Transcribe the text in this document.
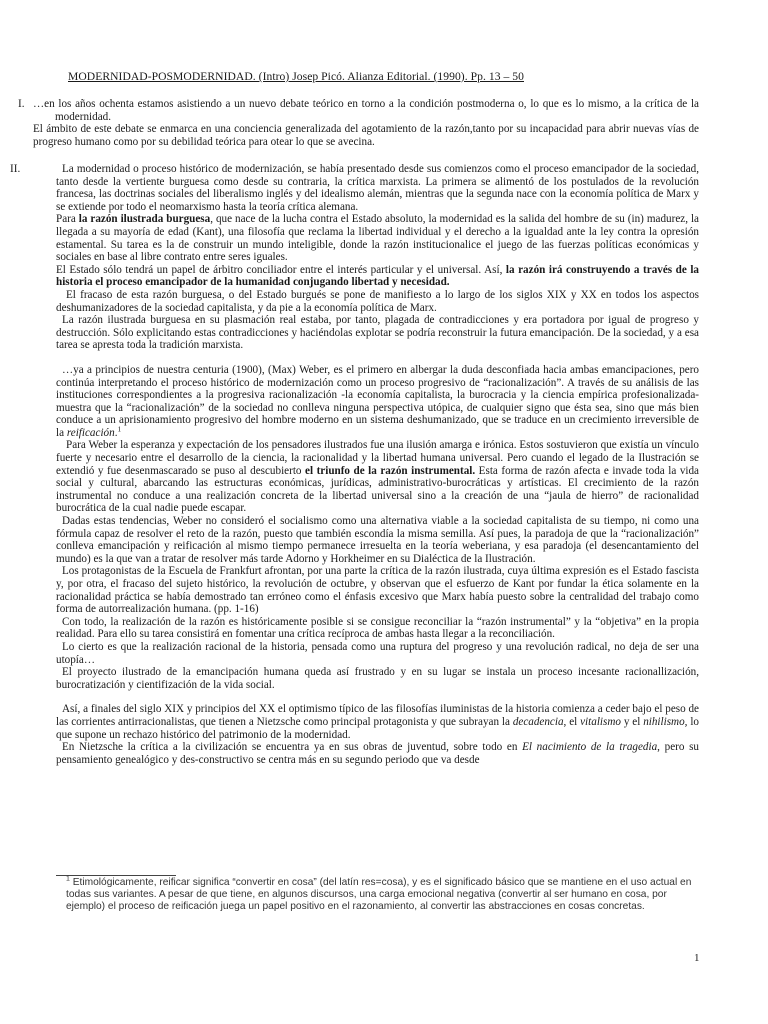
MODERNIDAD-POSMODERNIDAD. (Intro) Josep Picó. Alianza Editorial. (1990). Pp. 13 – 50
I. …en los años ochenta estamos asistiendo a un nuevo debate teórico en torno a la condición postmoderna o, lo que es lo mismo, a la crítica de la modernidad.

El ámbito de este debate se enmarca en una conciencia generalizada del agotamiento de la razón,tanto por su incapacidad para abrir nuevas vías de progreso humano como por su debilidad teórica para otear lo que se avecina.

II.	La modernidad o proceso histórico de modernización, se había presentado desde sus comienzos como el proceso emancipador de la sociedad, tanto desde la vertiente burguesa como desde su contraria, la crítica marxista. La primera se alimentó de los postulados de la revolución francesa, las doctrinas sociales del liberalismo inglés y del idealismo alemán, mientras que la segunda nace con la economía política de Marx y se extiende por todo el neomarxismo hasta la teoría crítica alemana.

Para la razón ilustrada burguesa, que nace de la lucha contra el Estado absoluto, la modernidad es la salida del hombre de su (in) madurez, la llegada a su mayoría de edad (Kant), una filosofía que reclama la libertad individual y el derecho a la igualdad ante la ley contra la opresión estamental. Su tarea es la de construir un mundo inteligible, donde la razón institucionalice el juego de las fuerzas políticas económicas y sociales en base al libre contrato entre seres iguales.

El Estado sólo tendrá un papel de árbitro conciliador entre el interés particular y el universal. Así, la razón irá construyendo a través de la historia el proceso emancipador de la humanidad conjugando libertad y necesidad.

El fracaso de esta razón burguesa, o del Estado burgués se pone de manifiesto a lo largo de los siglos XIX y XX en todos los aspectos deshumanizadores de la sociedad capitalista, y da pie a la economía política de Marx.

La razón ilustrada burguesa en su plasmación real estaba, por tanto, plagada de contradicciones y era portadora por igual de progreso y destrucción. Sólo explicitando estas contradicciones y haciéndolas explotar se podría reconstruir la futura emancipación. De la sociedad, y a esa tarea se apresta toda la tradición marxista.

…ya a principios de nuestra centuria (1900), (Max) Weber, es el primero en albergar la duda desconfiada hacia ambas emancipaciones, pero continúa interpretando el proceso histórico de modernización como un proceso progresivo de “racionalización”. A través de su análisis de las instituciones correspondientes a la progresiva racionalización -la economía capitalista, la burocracia y la ciencia empírica profesionalizada- muestra que la “racionalización” de la sociedad no conlleva ninguna perspectiva utópica, de cualquier signo que ésta sea, sino que más bien conduce a un aprisionamiento progresivo del hombre moderno en un sistema deshumanizado, que se traduce en un crecimiento irreversible de la reificación.$^1$

Para Weber la esperanza y expectación de los pensadores ilustrados fue una ilusión amarga e irónica. Estos sostuvieron que existía un vínculo fuerte y necesario entre el desarrollo de la ciencia, la racionalidad y la libertad humana universal. Pero cuando el legado de la Ilustración se extendió y fue desenmascarado se puso al descubierto el triunfo de la razón instrumental. Esta forma de razón afecta e invade toda la vida social y cultural, abarcando las estructuras económicas, jurídicas, administrativo-burocráticas y artísticas. El crecimiento de la razón instrumental no conduce a una realización concreta de la libertad universal sino a la creación de una “jaula de hierro” de racionalidad burocrática de la cual nadie puede escapar.

Dadas estas tendencias, Weber no consideró el socialismo como una alternativa viable a la sociedad capitalista de su tiempo, ni como una fórmula capaz de resolver el reto de la razón, puesto que también escondía la misma semilla. Así pues, la paradoja de que la “racionalización” conlleva emancipación y reificación al mismo tiempo permanece irresuelta en la teoría weberiana, y esa paradoja (el desencantamiento del mundo) es la que van a tratar de resolver más tarde Adorno y Horkheimer en su Dialéctica de la Ilustración.

Los protagonistas de la Escuela de Frankfurt afrontan, por una parte la crítica de la razón ilustrada, cuya última expresión es el Estado fascista y, por otra, el fracaso del sujeto histórico, la revolución de octubre, y observan que el esfuerzo de Kant por fundar la ética solamente en la racionalidad práctica se había demostrado tan erróneo como el énfasis excesivo que Marx había puesto sobre la centralidad del trabajo como forma de autorrealización humana. (pp. 1-16)

Con todo, la realización de la razón es históricamente posible si se consigue reconciliar la “razón instrumental” y la “objetiva” en la propia realidad. Para ello su tarea consistirá en fomentar una crítica recíproca de ambas hasta llegar a la reconciliación.

Lo cierto es que la realización racional de la historia, pensada como una ruptura del progreso y una revolución radical, no deja de ser una utopía…

El proyecto ilustrado de la emancipación humana queda así frustrado y en su lugar se instala un proceso incesante racionallización, burocratización y cientifización de la vida social.

Así, a finales del siglo XIX y principios del XX el optimismo típico de las filosofías iluministas de la historia comienza a ceder bajo el peso de las corrientes antirracionalistas, que tienen a Nietzsche como principal protagonista y que subrayan la decadencia, el vitalismo y el nihilismo, lo que supone un rechazo histórico del patrimonio de la modernidad.

En Nietzsche la crítica a la civilización se encuentra ya en sus obras de juventud, sobre todo en El nacimiento de la tragedia, pero su pensamiento genealógico y des-constructivo se centra más en su segundo periodo que va desde

$^1$ Etimológicamente, reificar significa “convertir en cosa” (del latín res=cosa), y es el significado básico que se mantiene en el uso actual en todas sus variantes. A pesar de que tiene, en algunos discursos, una carga emocional negativa (convertir al ser humano en cosa, por ejemplo) el proceso de reificación juega un papel positivo en el razonamiento, al convertir las abstracciones en cosas concretas.
1
